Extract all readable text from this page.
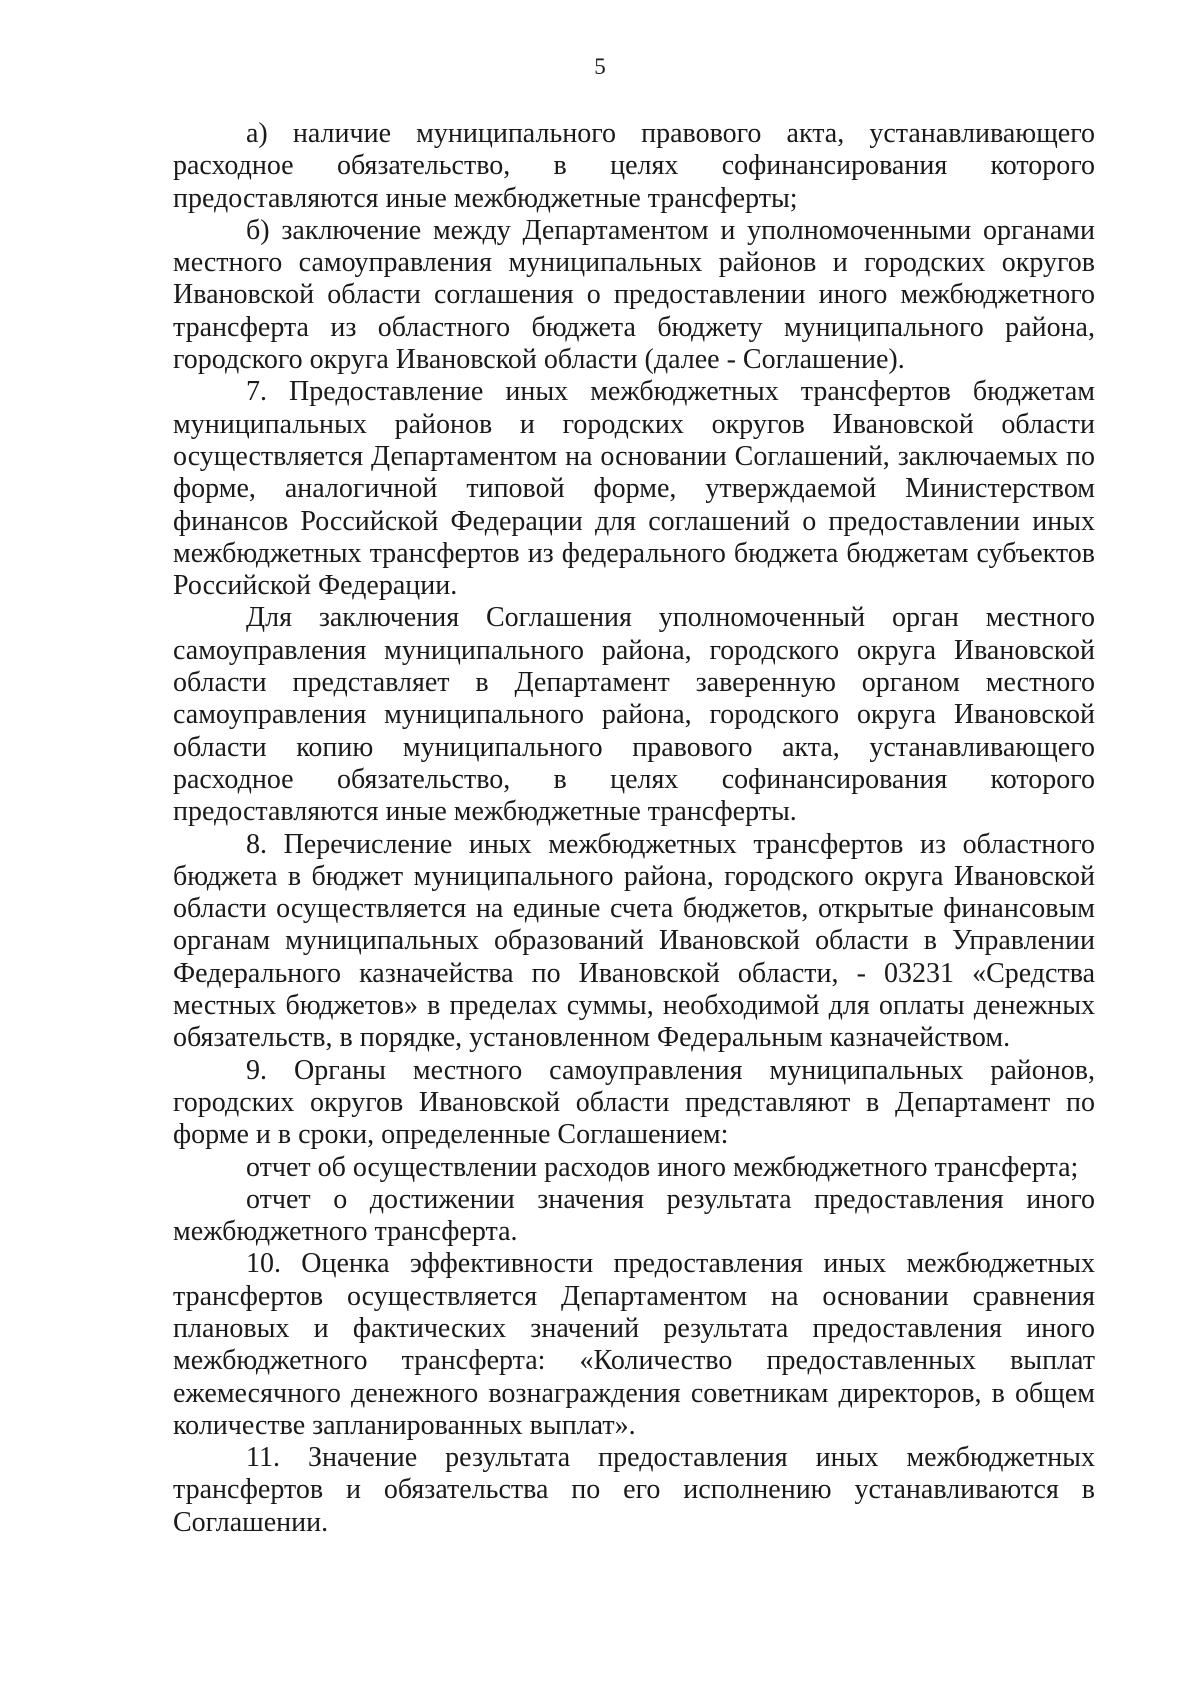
5

а) наличие муниципального правового акта, устанавливающего расходное обязательство, в целях софинансирования которого предоставляются иные межбюджетные трансферты;

б) заключение между Департаментом и уполномоченными органами местного самоуправления муниципальных районов и городских округов Ивановской области соглашения о предоставлении иного межбюджетного трансферта из областного бюджета бюджету муниципального района, городского округа Ивановской области (далее - Соглашение).

7. Предоставление иных межбюджетных трансфертов бюджетам муниципальных районов и городских округов Ивановской области осуществляется Департаментом на основании Соглашений, заключаемых по форме, аналогичной типовой форме, утверждаемой Министерством финансов Российской Федерации для соглашений о предоставлении иных межбюджетных трансфертов из федерального бюджета бюджетам субъектов Российской Федерации.

Для заключения Соглашения уполномоченный орган местного самоуправления муниципального района, городского округа Ивановской области представляет в Департамент заверенную органом местного самоуправления муниципального района, городского округа Ивановской области копию муниципального правового акта, устанавливающего расходное обязательство, в целях софинансирования которого предоставляются иные межбюджетные трансферты.

8. Перечисление иных межбюджетных трансфертов из областного бюджета в бюджет муниципального района, городского округа Ивановской области осуществляется на единые счета бюджетов, открытые финансовым органам муниципальных образований Ивановской области в Управлении Федерального казначейства по Ивановской области, - 03231 «Средства местных бюджетов» в пределах суммы, необходимой для оплаты денежных обязательств, в порядке, установленном Федеральным казначейством.

9. Органы местного самоуправления муниципальных районов, городских округов Ивановской области представляют в Департамент по форме и в сроки, определенные Соглашением:

отчет об осуществлении расходов иного межбюджетного трансферта;

отчет о достижении значения результата предоставления иного межбюджетного трансферта.

10. Оценка эффективности предоставления иных межбюджетных трансфертов осуществляется Департаментом на основании сравнения плановых и фактических значений результата предоставления иного межбюджетного трансферта: «Количество предоставленных выплат ежемесячного денежного вознаграждения советникам директоров, в общем количестве запланированных выплат».

11. Значение результата предоставления иных межбюджетных трансфертов и обязательства по его исполнению устанавливаются в Соглашении.
